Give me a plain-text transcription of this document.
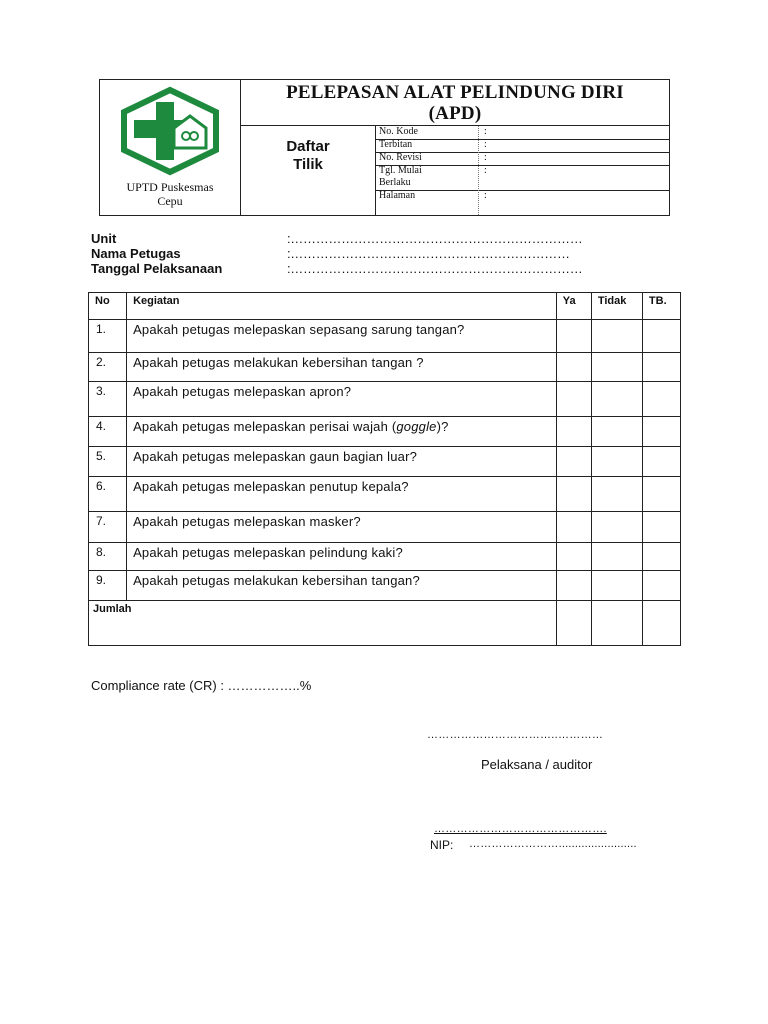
UPTD Puskesmas
Cepu
PELEPASAN ALAT PELINDUNG DIRI
(APD)
Daftar
Tilik
No. Kode	:
Terbitan	:
No. Revisi	:
Tgl. Mulai	:
Berlaku
Halaman	:
Unit	:……………………………………………………………
Nama Petugas	:…………………………………………………………
Tanggal Pelaksanaan	:……………………………………………………………
No	Kegiatan	Ya	Tidak	TB.
1.	Apakah petugas melepaskan sepasang sarung tangan?			
2.	Apakah petugas melakukan kebersihan tangan ?			
3.	Apakah petugas melepaskan apron?			
4.	Apakah petugas melepaskan perisai wajah (goggle)?			
5.	Apakah petugas melepaskan gaun bagian luar?			
6.	Apakah petugas melepaskan penutup kepala?			
7.	Apakah petugas melepaskan masker?			
8.	Apakah petugas melepaskan pelindung kaki?			
9.	Apakah petugas melakukan kebersihan tangan?			
Jumlah				
Compliance rate (CR) : ……………..%
……………………………..…………
Pelaksana / auditor
……………………………………….
NIP: ……………………........................
